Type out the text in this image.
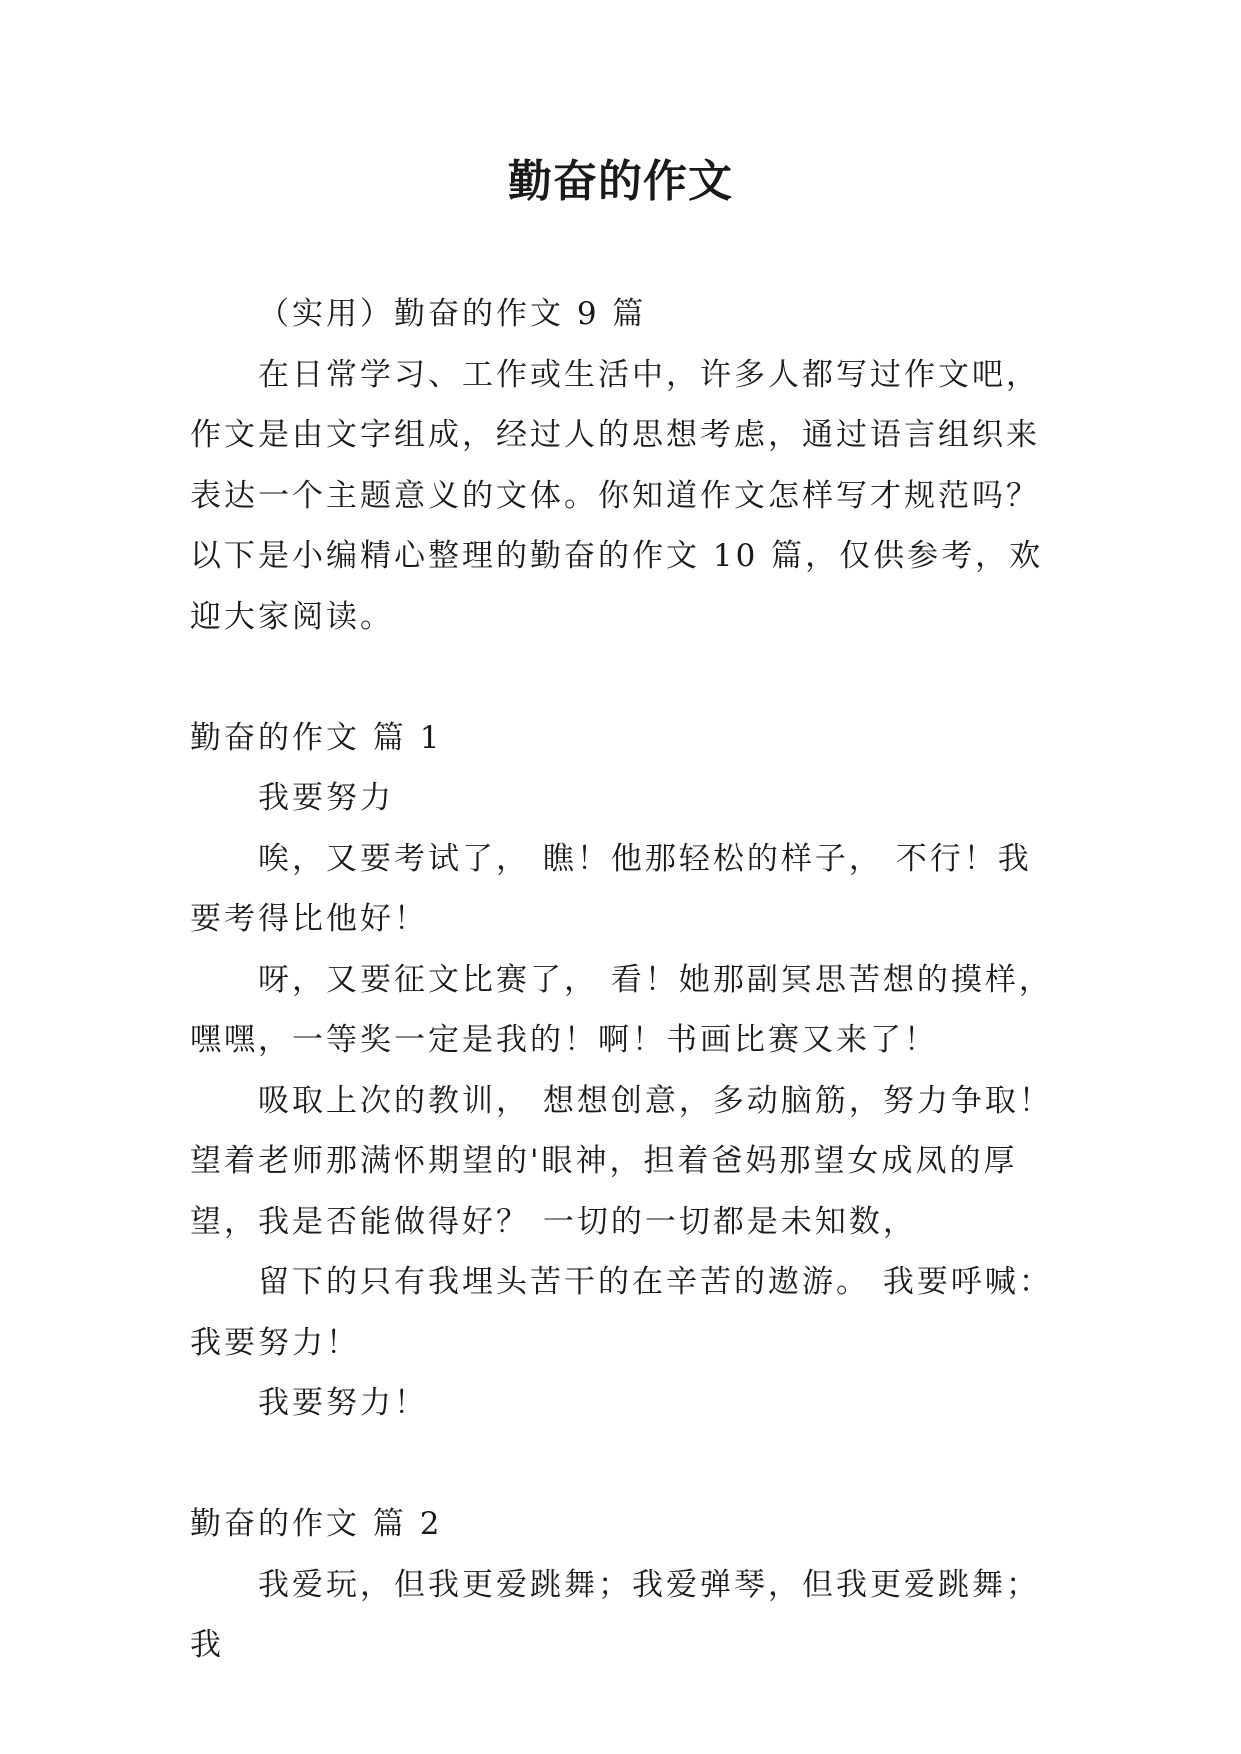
勤奋的作文

（实用）勤奋的作文 9 篇

在日常学习、工作或生活中，许多人都写过作文吧，作文是由文字组成，经过人的思想考虑，通过语言组织来表达一个主题意义的文体。你知道作文怎样写才规范吗？以下是小编精心整理的勤奋的作文 10 篇，仅供参考，欢迎大家阅读。

勤奋的作文 篇 1

我要努力

唉，又要考试了， 瞧！他那轻松的样子， 不行！我要考得比他好！

呀，又要征文比赛了， 看！她那副冥思苦想的摸样，嘿嘿，一等奖一定是我的！啊！书画比赛又来了！

吸取上次的教训， 想想创意，多动脑筋，努力争取！望着老师那满怀期望的'眼神，担着爸妈那望女成凤的厚望，我是否能做得好？ 一切的一切都是未知数，

留下的只有我埋头苦干的在辛苦的遨游。 我要呼喊：我要努力！

我要努力！

勤奋的作文 篇 2

我爱玩，但我更爱跳舞；我爱弹琴，但我更爱跳舞；我
